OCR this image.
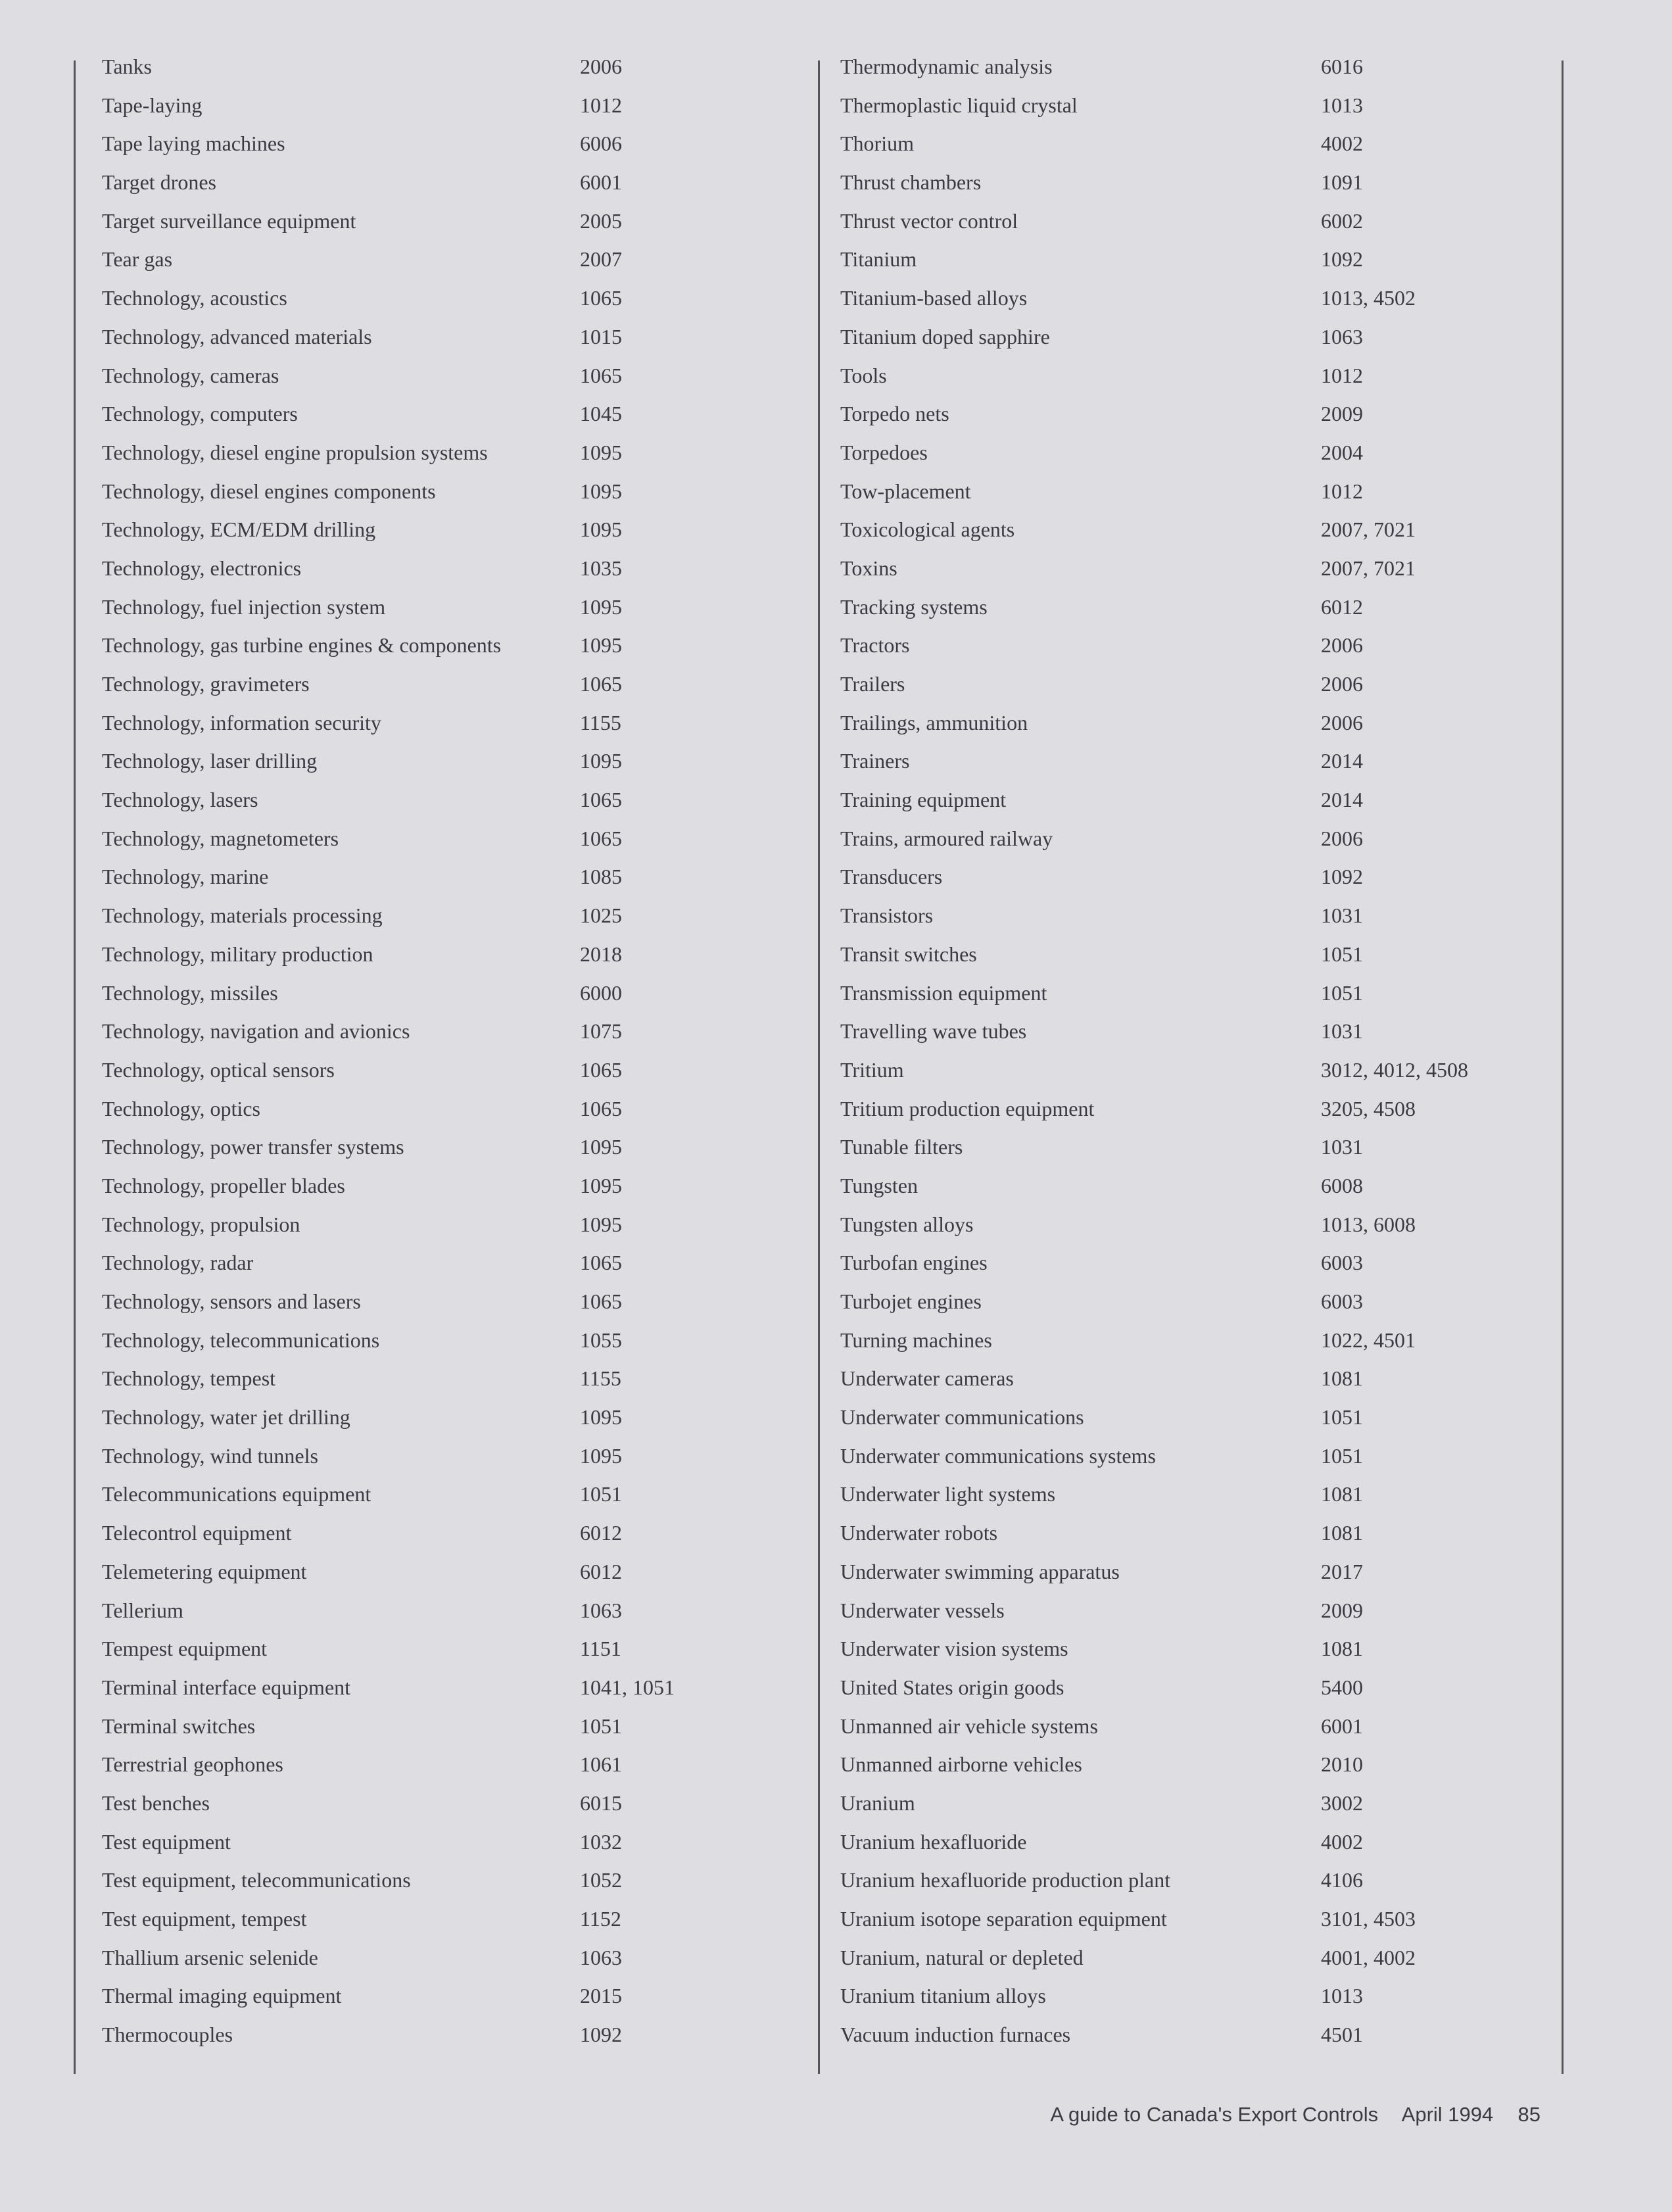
Tanks	2006
Tape-laying	1012
Tape laying machines	6006
Target drones	6001
Target surveillance equipment	2005
Tear gas	2007
Technology, acoustics	1065
Technology, advanced materials	1015
Technology, cameras	1065
Technology, computers	1045
Technology, diesel engine propulsion systems	1095
Technology, diesel engines components	1095
Technology, ECM/EDM drilling	1095
Technology, electronics	1035
Technology, fuel injection system	1095
Technology, gas turbine engines & components	1095
Technology, gravimeters	1065
Technology, information security	1155
Technology, laser drilling	1095
Technology, lasers	1065
Technology, magnetometers	1065
Technology, marine	1085
Technology, materials processing	1025
Technology, military production	2018
Technology, missiles	6000
Technology, navigation and avionics	1075
Technology, optical sensors	1065
Technology, optics	1065
Technology, power transfer systems	1095
Technology, propeller blades	1095
Technology, propulsion	1095
Technology, radar	1065
Technology, sensors and lasers	1065
Technology, telecommunications	1055
Technology, tempest	1155
Technology, water jet drilling	1095
Technology, wind tunnels	1095
Telecommunications equipment	1051
Telecontrol equipment	6012
Telemetering equipment	6012
Tellerium	1063
Tempest equipment	1151
Terminal interface equipment	1041, 1051
Terminal switches	1051
Terrestrial geophones	1061
Test benches	6015
Test equipment	1032
Test equipment, telecommunications	1052
Test equipment, tempest	1152
Thallium arsenic selenide	1063
Thermal imaging equipment	2015
Thermocouples	1092
Thermodynamic analysis	6016
Thermoplastic liquid crystal	1013
Thorium	4002
Thrust chambers	1091
Thrust vector control	6002
Titanium	1092
Titanium-based alloys	1013, 4502
Titanium doped sapphire	1063
Tools	1012
Torpedo nets	2009
Torpedoes	2004
Tow-placement	1012
Toxicological agents	2007, 7021
Toxins	2007, 7021
Tracking systems	6012
Tractors	2006
Trailers	2006
Trailings, ammunition	2006
Trainers	2014
Training equipment	2014
Trains, armoured railway	2006
Transducers	1092
Transistors	1031
Transit switches	1051
Transmission equipment	1051
Travelling wave tubes	1031
Tritium	3012, 4012, 4508
Tritium production equipment	3205, 4508
Tunable filters	1031
Tungsten	6008
Tungsten alloys	1013, 6008
Turbofan engines	6003
Turbojet engines	6003
Turning machines	1022, 4501
Underwater cameras	1081
Underwater communications	1051
Underwater communications systems	1051
Underwater light systems	1081
Underwater robots	1081
Underwater swimming apparatus	2017
Underwater vessels	2009
Underwater vision systems	1081
United States origin goods	5400
Unmanned air vehicle systems	6001
Unmanned airborne vehicles	2010
Uranium	3002
Uranium hexafluoride	4002
Uranium hexafluoride production plant	4106
Uranium isotope separation equipment	3101, 4503
Uranium, natural or depleted	4001, 4002
Uranium titanium alloys	1013
Vacuum induction furnaces	4501
A guide to Canada's Export Controls April 1994 85
